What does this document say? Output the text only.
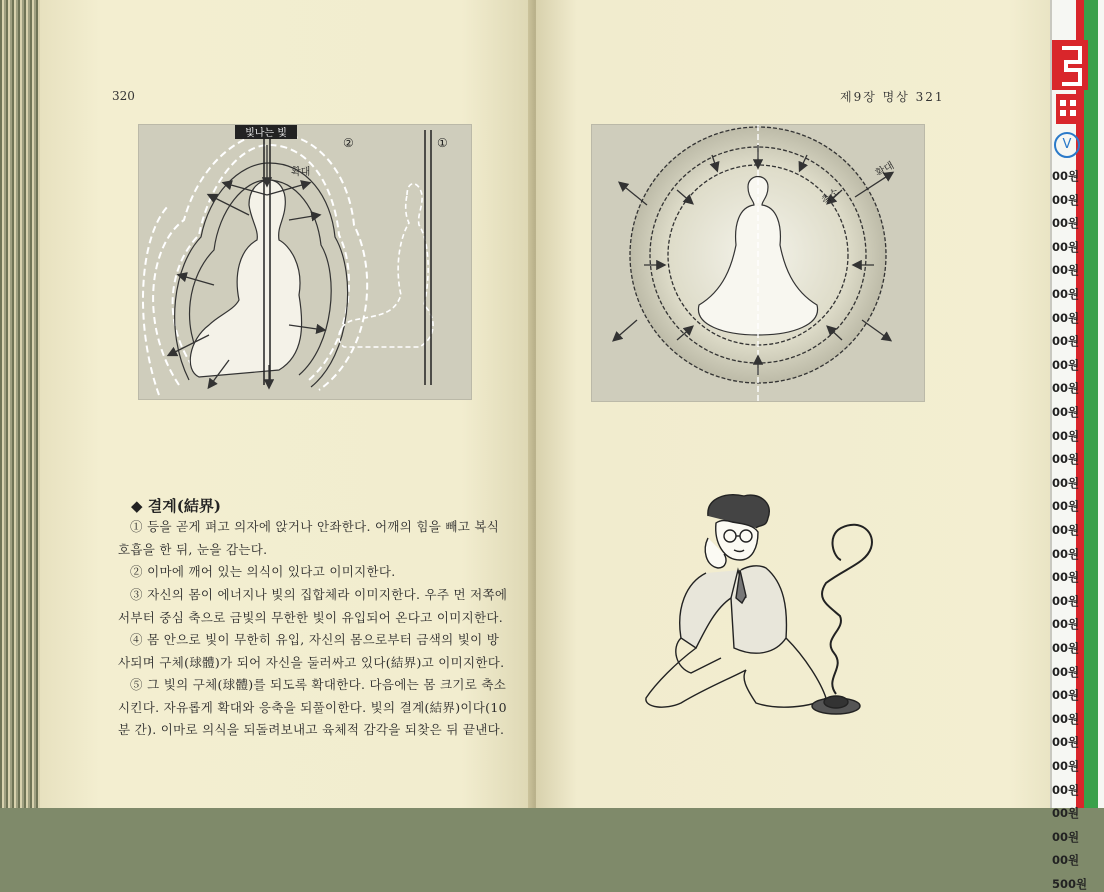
320
빛나는 빛
확대
②	①
◆ 결계(結界)
① 등을 곧게 펴고 의자에 앉거나 안좌한다. 어깨의 힘을 빼고 복식 호흡을 한 뒤, 눈을 감는다.
② 이마에 깨어 있는 의식이 있다고 이미지한다.
③ 자신의 몸이 에너지나 빛의 집합체라 이미지한다. 우주 먼 저쪽에서부터 중심 축으로 금빛의 무한한 빛이 유입되어 온다고 이미지한다.
④ 몸 안으로 빛이 무한히 유입, 자신의 몸으로부터 금색의 빛이 방사되며 구체(球體)가 되어 자신을 둘러싸고 있다(結界)고 이미지한다.
⑤ 그 빛의 구체(球體)를 되도록 확대한다. 다음에는 몸 크기로 축소시킨다. 자유롭게 확대와 응축을 되풀이한다. 빛의 결계(結界)이다(10분 간). 이마로 의식을 되돌려보내고 육체적 감각을 되찾은 뒤 끝낸다.
제9장 명상 321
축소
확대
V
00원
00원
00원
00원
00원
00원
00원
00원
00원
00원
00원
00원
00원
00원
00원
00원
00원
00원
00원
00원
00원
00원
00원
00원
00원
00원
00원
00원
00원
00원
500원
